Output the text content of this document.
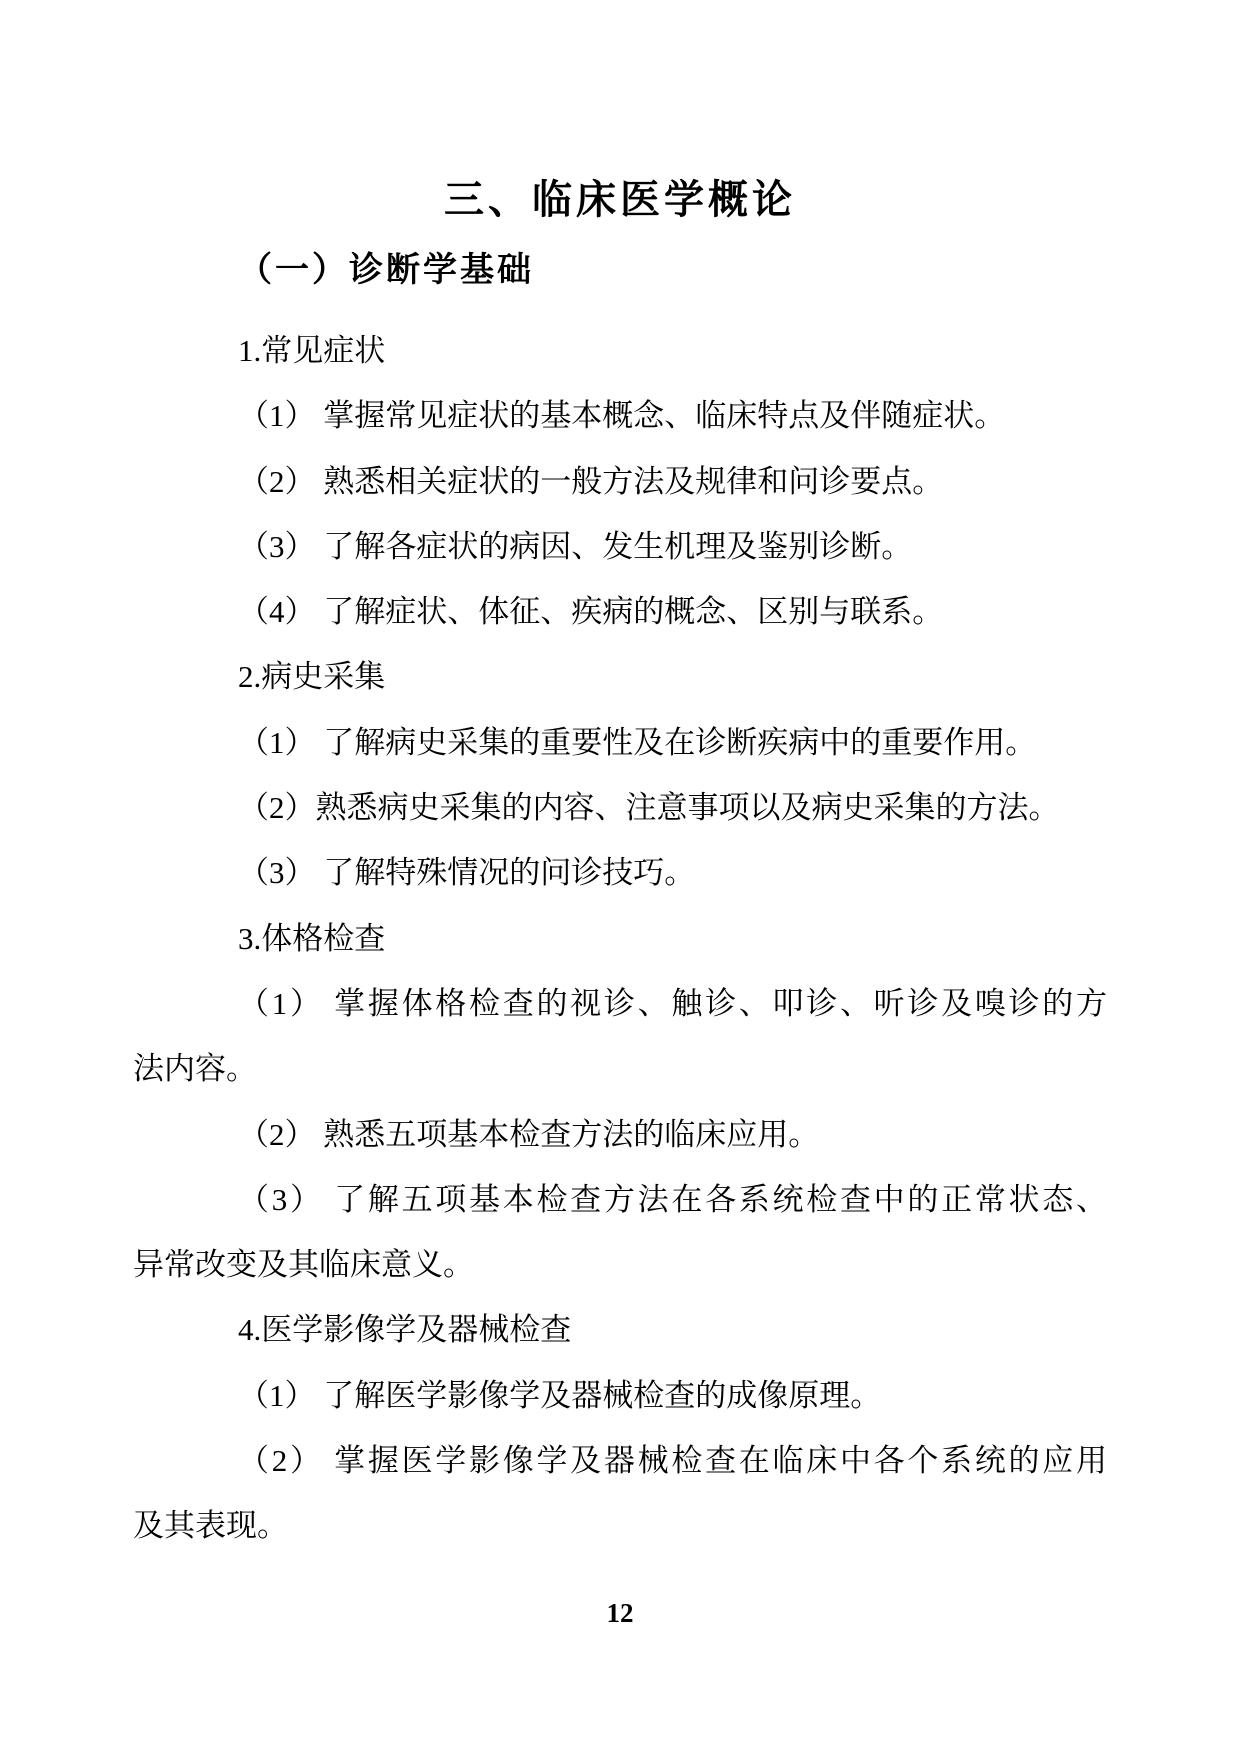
三、临床医学概论
（一）诊断学基础
1.常见症状
（1） 掌握常见症状的基本概念、临床特点及伴随症状。
（2） 熟悉相关症状的一般方法及规律和问诊要点。
（3） 了解各症状的病因、发生机理及鉴别诊断。
（4） 了解症状、体征、疾病的概念、区别与联系。
2.病史采集
（1） 了解病史采集的重要性及在诊断疾病中的重要作用。
（2）熟悉病史采集的内容、注意事项以及病史采集的方法。
（3） 了解特殊情况的问诊技巧。
3.体格检查
（1） 掌握体格检查的视诊、触诊、叩诊、听诊及嗅诊的方
法内容。
（2） 熟悉五项基本检查方法的临床应用。
（3） 了解五项基本检查方法在各系统检查中的正常状态、
异常改变及其临床意义。
4.医学影像学及器械检查
（1） 了解医学影像学及器械检查的成像原理。
（2） 掌握医学影像学及器械检查在临床中各个系统的应用
及其表现。
12
